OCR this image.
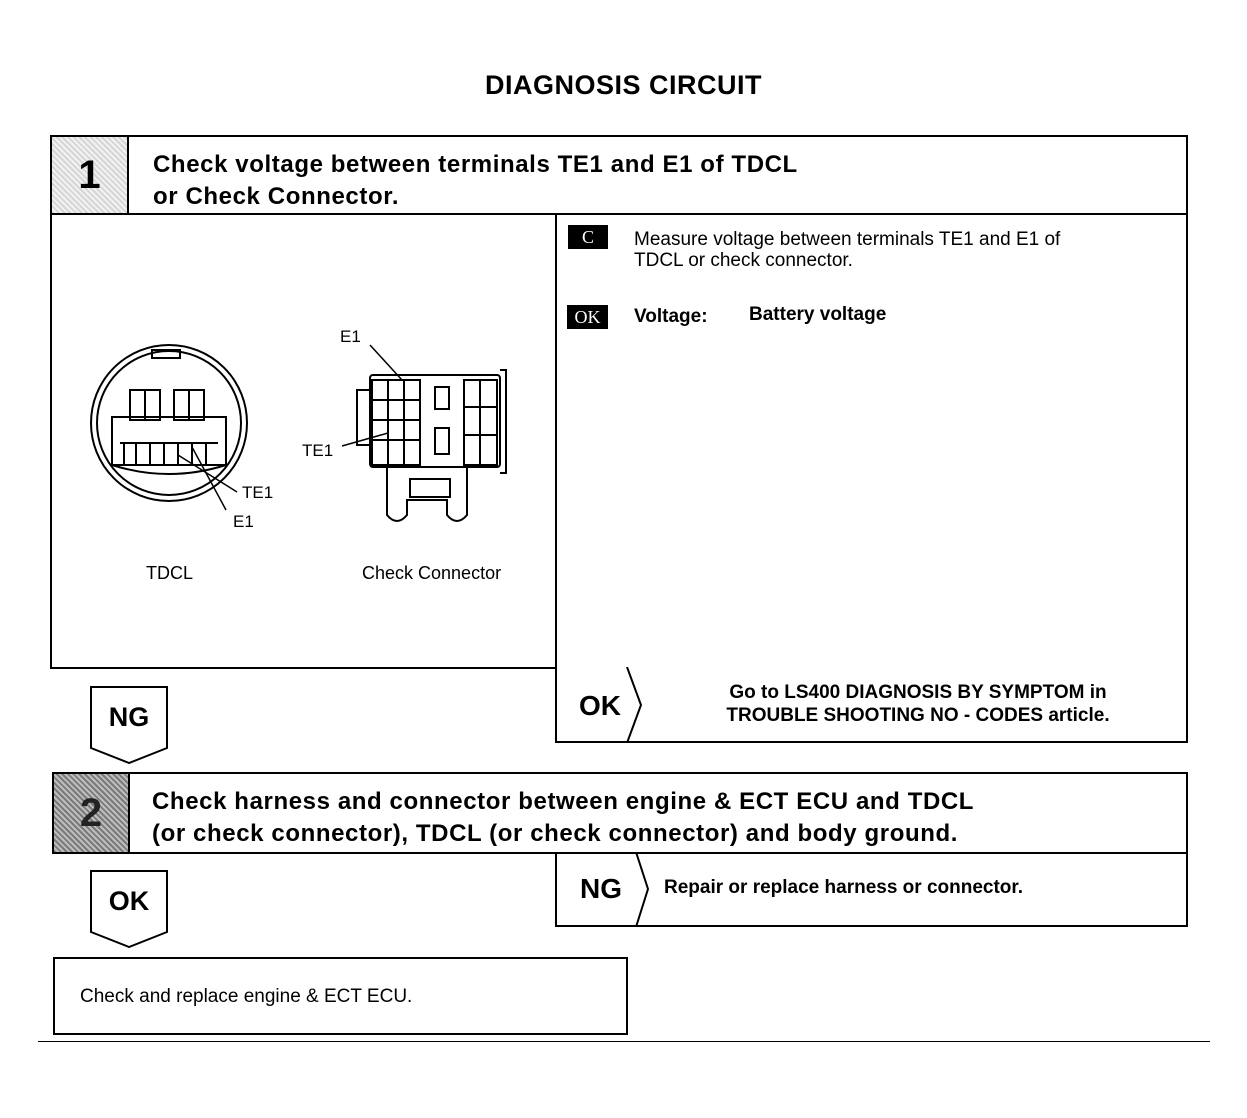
DIAGNOSIS CIRCUIT
1	Check voltage between terminals TE1 and E1 of TDCL
or Check Connector.
C	Measure voltage between terminals TE1 and E1 of
TDCL or check connector.
OK	Voltage: Battery voltage
TE1
E1
E1
TE1
TDCL	Check Connector
NG	OK	Go to LS400 DIAGNOSIS BY SYMPTOM in
TROUBLE SHOOTING NO - CODES article.
2	Check harness and connector between engine & ECT ECU and TDCL
(or check connector), TDCL (or check connector) and body ground.
OK	NG Repair or replace harness or connector.
Check and replace engine & ECT ECU.
